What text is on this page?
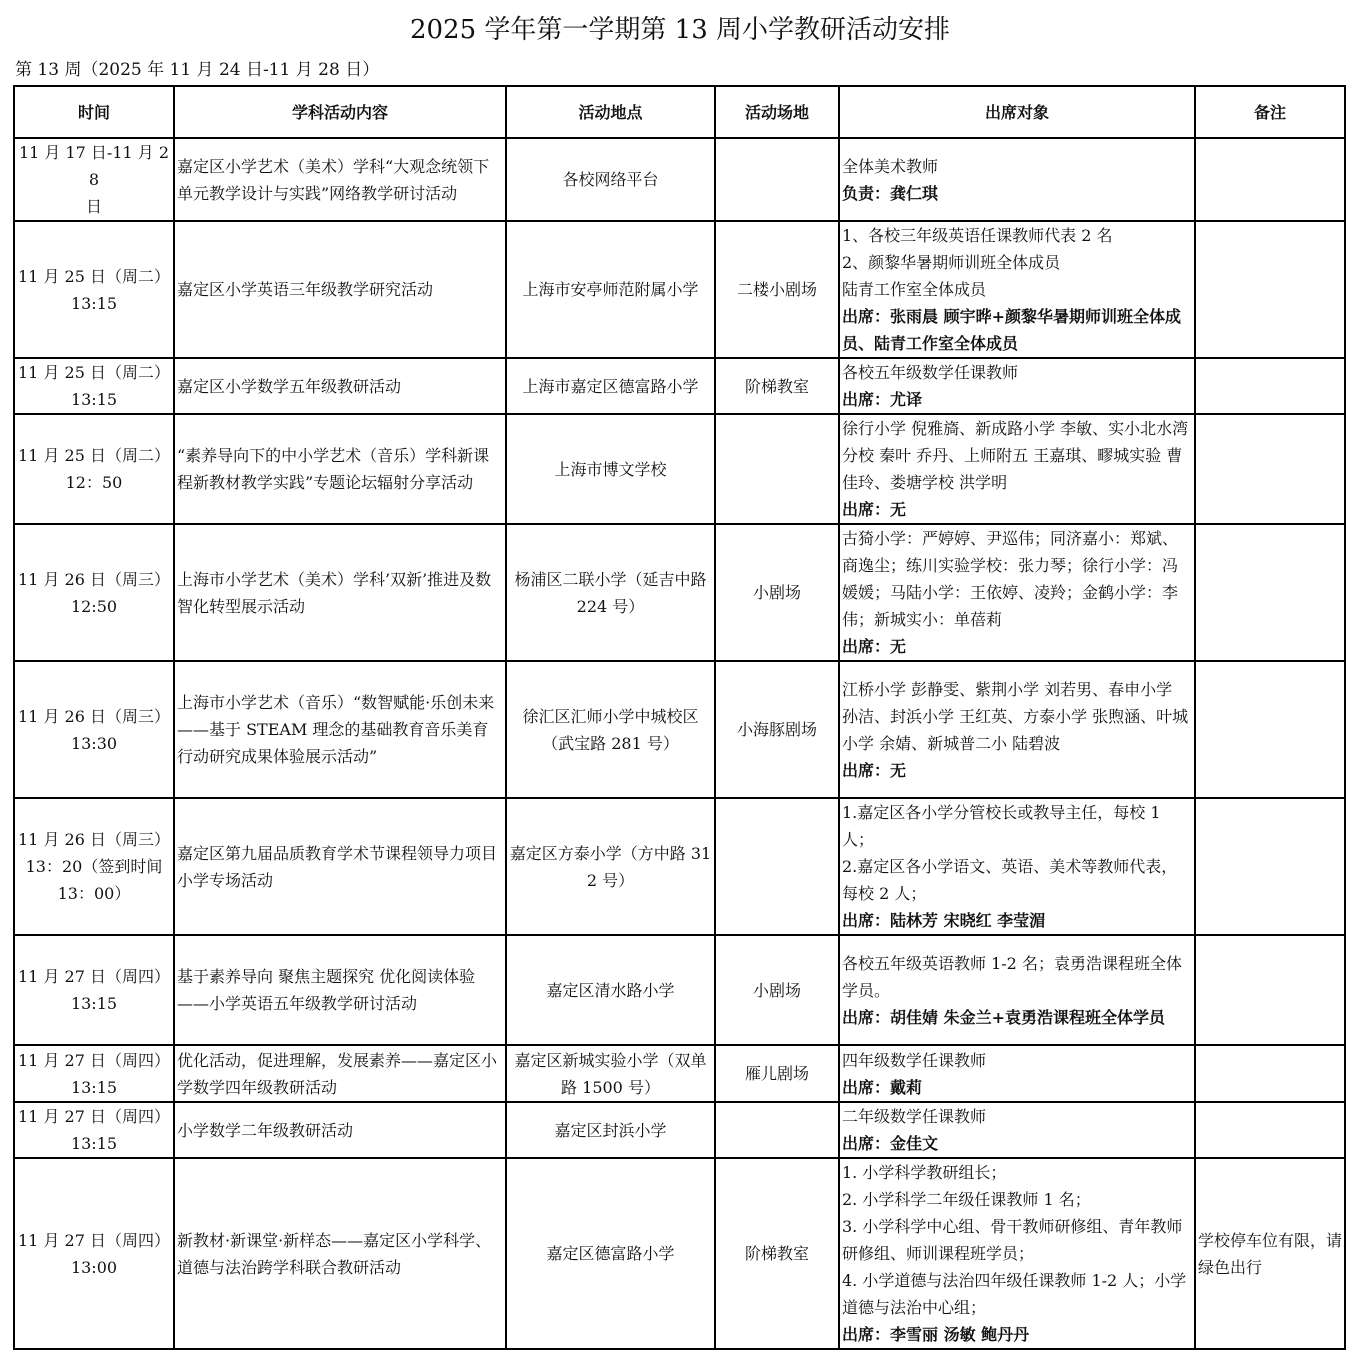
2025 学年第一学期第 13 周小学教研活动安排
第 13 周（2025 年 11 月 24 日-11 月 28 日）
时间	学科活动内容	活动地点	活动场地	出席对象	备注

11 月 17 日-11 月 28
日	嘉定区小学艺术（美术）学科“大观念统领下单元教学设计与实践”网络教学研讨活动	各校网络平台		全体美术教师
负责：龚仁琪	

11 月 25 日（周二）
13:15	嘉定区小学英语三年级教学研究活动	上海市安亭师范附属小学	二楼小剧场	1、各校三年级英语任课教师代表 2 名
2、颜黎华暑期师训班全体成员
陆青工作室全体成员
出席：张雨晨 顾宇晔+颜黎华暑期师训班全体成员、陆青工作室全体成员	

11 月 25 日（周二）
13:15	嘉定区小学数学五年级教研活动	上海市嘉定区德富路小学	阶梯教室	各校五年级数学任课教师
出席：尤译	

11 月 25 日（周二）
12：50	“素养导向下的中小学艺术（音乐）学科新课程新教材教学实践”专题论坛辐射分享活动	上海市博文学校		徐行小学 倪雅旖、新成路小学 李敏、实小北水湾分校 秦叶 乔丹、上师附五 王嘉琪、疁城实验 曹佳玲、娄塘学校 洪学明
出席：无	

11 月 26 日（周三）
12:50	上海市小学艺术（美术）学科’双新’推进及数智化转型展示活动	杨浦区二联小学（延吉中路 224 号）	小剧场	古猗小学：严婷婷、尹巡伟；同济嘉小：郑斌、商逸尘；练川实验学校：张力琴；徐行小学：冯媛媛；马陆小学：王依婷、凌羚；金鹤小学：李伟；新城实小：单蓓莉
出席：无	

11 月 26 日（周三）
13:30	上海市小学艺术（音乐）“数智赋能·乐创未来——基于 STEAM 理念的基础教育音乐美育行动研究成果体验展示活动”	徐汇区汇师小学中城校区（武宝路 281 号）	小海豚剧场	江桥小学 彭静雯、紫荆小学 刘若男、春申小学 孙洁、封浜小学 王红英、方泰小学 张煦涵、叶城小学 余婧、新城普二小 陆碧波
出席：无	

11 月 26 日（周三）
13：20（签到时间
13：00）	嘉定区第九届品质教育学术节课程领导力项目小学专场活动	嘉定区方泰小学（方中路 312 号）		1.嘉定区各小学分管校长或教导主任，每校 1 人；
2.嘉定区各小学语文、英语、美术等教师代表，每校 2 人；
出席：陆林芳 宋晓红 李莹湄	

11 月 27 日（周四）
13:15	基于素养导向 聚焦主题探究 优化阅读体验——小学英语五年级教学研讨活动	嘉定区清水路小学	小剧场	各校五年级英语教师 1-2 名；袁勇浩课程班全体学员。
出席：胡佳婧 朱金兰+袁勇浩课程班全体学员	

11 月 27 日（周四）
13:15	优化活动，促进理解，发展素养——嘉定区小学数学四年级教研活动	嘉定区新城实验小学（双单路 1500 号）	雁儿剧场	四年级数学任课教师
出席：戴莉	

11 月 27 日（周四）
13:15	小学数学二年级教研活动	嘉定区封浜小学		二年级数学任课教师
出席：金佳文	

11 月 27 日（周四）
13:00	新教材·新课堂·新样态——嘉定区小学科学、道德与法治跨学科联合教研活动	嘉定区德富路小学	阶梯教室	1. 小学科学教研组长；
2. 小学科学二年级任课教师 1 名；
3. 小学科学中心组、骨干教师研修组、青年教师研修组、师训课程班学员；
4. 小学道德与法治四年级任课教师 1-2 人；小学道德与法治中心组；
出席：李雪丽 汤敏 鲍丹丹	学校停车位有限，请绿色出行
